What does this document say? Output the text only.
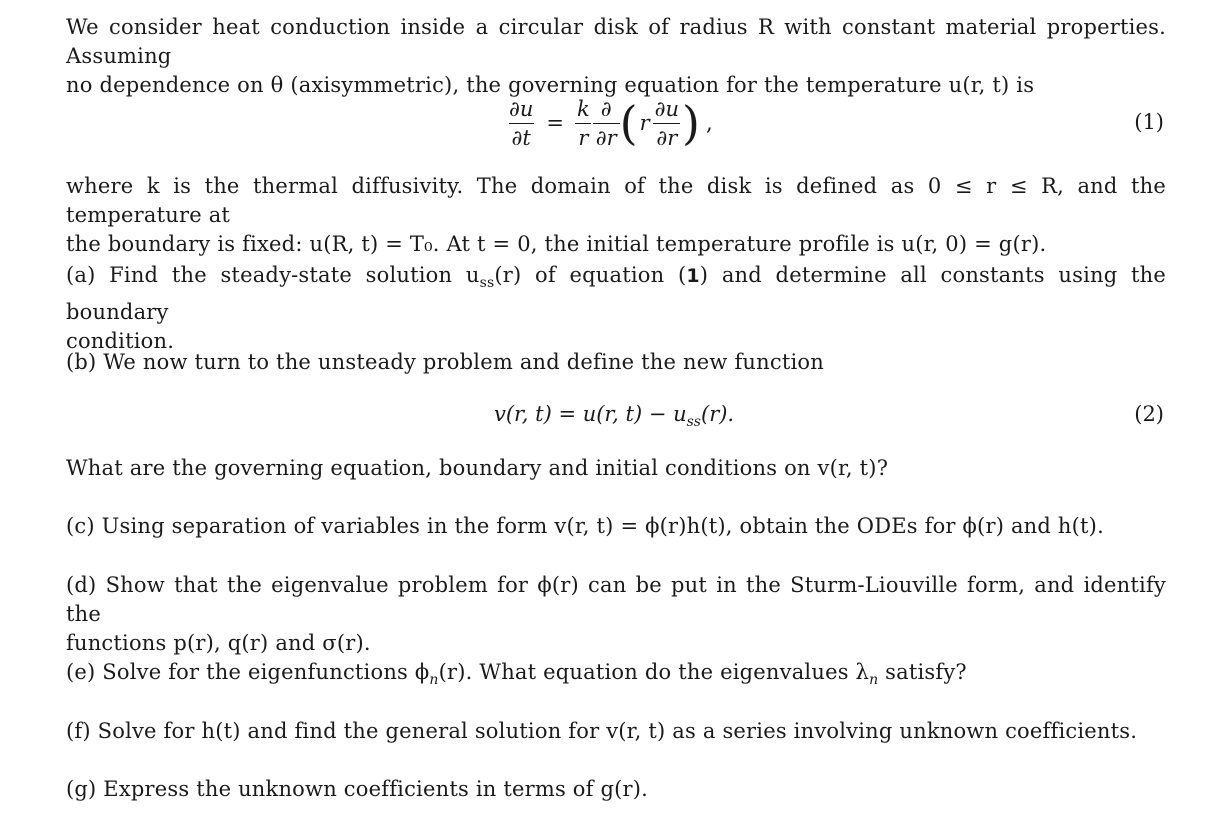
We consider heat conduction inside a circular disk of radius R with constant material properties. Assuming
no dependence on θ (axisymmetric), the governing equation for the temperature u(r, t) is
$\frac{\partial u}{\partial t} = \frac{k}{r} \frac{\partial}{\partial r}$ ( r $\frac{\partial u}{\partial r}$ ) ,	(1)
where k is the thermal diffusivity. The domain of the disk is defined as 0 ≤ r ≤ R, and the temperature at
the boundary is fixed: u(R, t) = T₀. At t = 0, the initial temperature profile is u(r, 0) = g(r).
(a) Find the steady-state solution $u_{ss}(r)$ of equation (1) and determine all constants using the boundary
condition.
(b) We now turn to the unsteady problem and define the new function
v(r, t) = u(r, $t) - u_{ss}(r)$.	(2)
What are the governing equation, boundary and initial conditions on v(r, t)?
(c) Using separation of variables in the form v(r, t) = ϕ(r)h(t), obtain the ODEs for ϕ(r) and h(t).
(d) Show that the eigenvalue problem for ϕ(r) can be put in the Sturm-Liouville form, and identify the
functions p(r), q(r) and σ(r).
(e) Solve for the eigenfunctions $\phi_n(r)$. What equation do the eigenvalues $\lambda_n$ satisfy?
(f) Solve for h(t) and find the general solution for v(r, t) as a series involving unknown coefficients.
(g) Express the unknown coefficients in terms of g(r).
